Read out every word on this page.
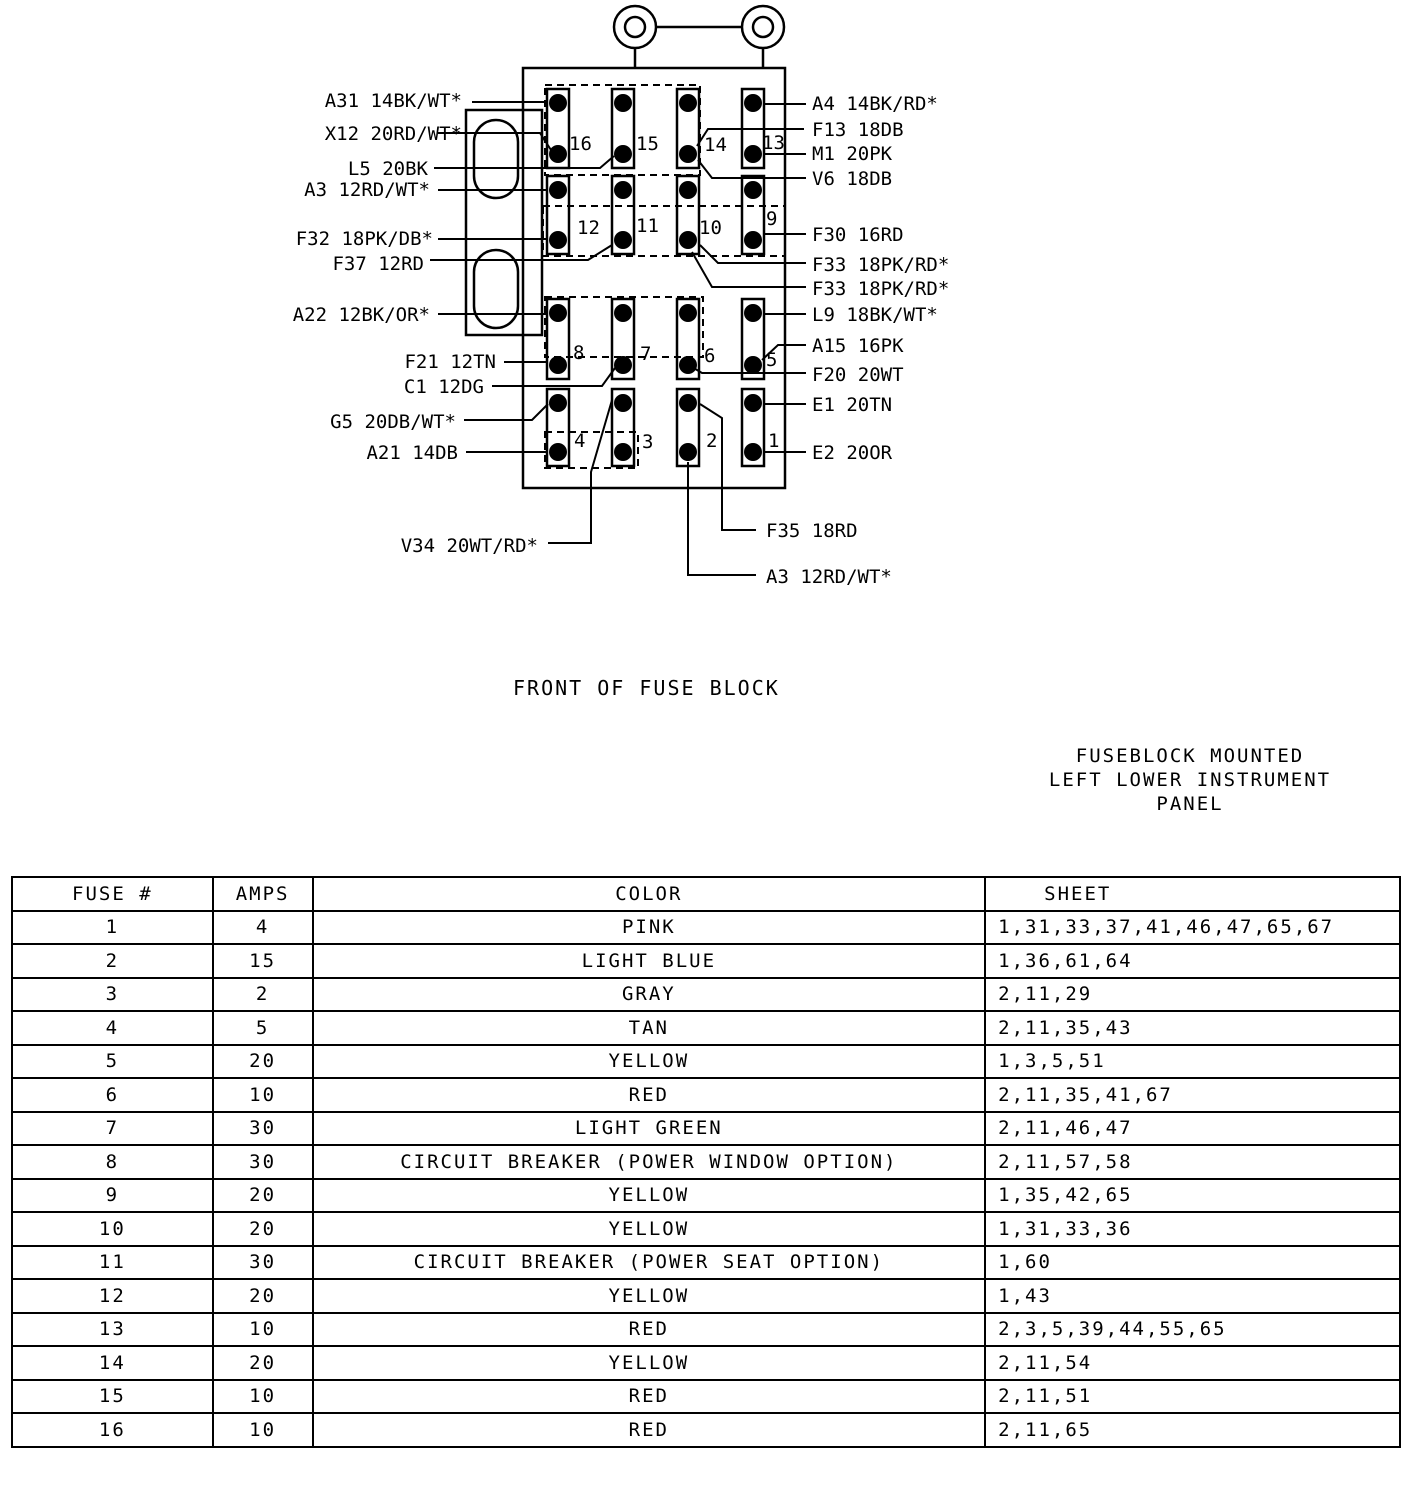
16 15 14 13
12 11 10 9
8	7	6	5
4	3	2	1
A31 14BK/WT*
X12 20RD/WT*
L5 20BK
A3 12RD/WT*
F32 18PK/DB*
F37 12RD
A22 12BK/OR*
F21 12TN
C1 12DG
G5 20DB/WT*
A21 14DB
A4 14BK/RD*
F13 18DB
M1 20PK
V6 18DB
F30 16RD
F33 18PK/RD*
F33 18PK/RD*
L9 18BK/WT*
A15 16PK
F20 20WT
E1 20TN
E2 20OR
V34 20WT/RD*
F35 18RD
A3 12RD/WT*
FRONT OF FUSE BLOCK
FUSEBLOCK MOUNTED
LEFT LOWER INSTRUMENT
PANEL
FUSE #	AMPS	COLOR	SHEET
1	4	PINK	1,31,33,37,41,46,47,65,67
2	15	LIGHT BLUE	1,36,61,64
3	2	GRAY	2,11,29
4	5	TAN	2,11,35,43
5	20	YELLOW	1,3,5,51
6	10	RED	2,11,35,41,67
7	30	LIGHT GREEN	2,11,46,47
8	30	CIRCUIT BREAKER (POWER WINDOW OPTION)	2,11,57,58
9	20	YELLOW	1,35,42,65
10	20	YELLOW	1,31,33,36
11	30	CIRCUIT BREAKER (POWER SEAT OPTION)	1,60
12	20	YELLOW	1,43
13	10	RED	2,3,5,39,44,55,65
14	20	YELLOW	2,11,54
15	10	RED	2,11,51
16	10	RED	2,11,65
